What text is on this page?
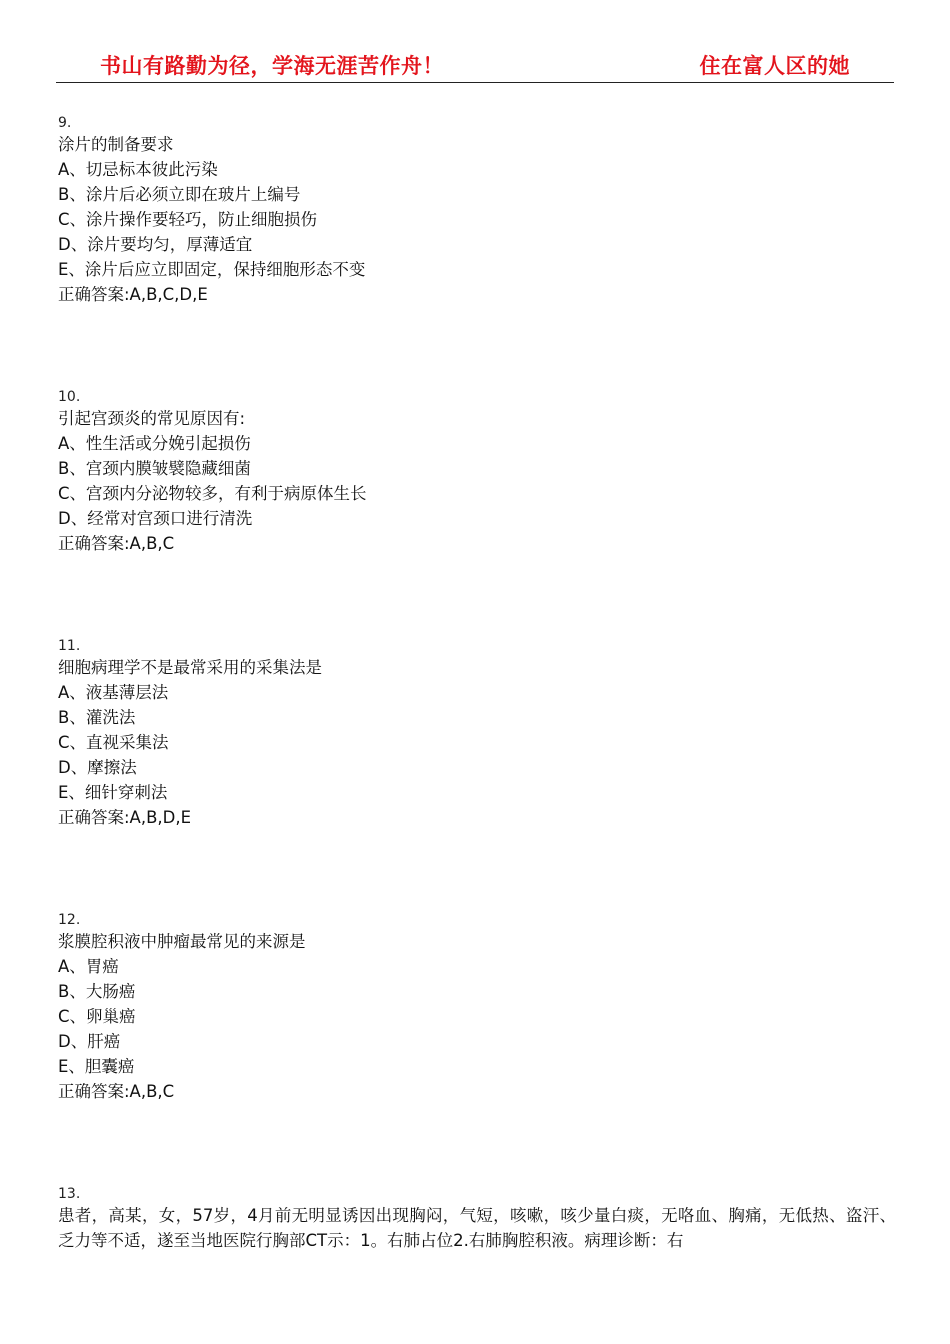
书山有路勤为径，学海无涯苦作舟！	住在富人区的她
9.
涂片的制备要求
A、切忌标本彼此污染
B、涂片后必须立即在玻片上编号
C、涂片操作要轻巧，防止细胞损伤
D、涂片要均匀，厚薄适宜
E、涂片后应立即固定，保持细胞形态不变
正确答案:A,B,C,D,E
10.
引起宫颈炎的常见原因有:
A、性生活或分娩引起损伤
B、宫颈内膜皱襞隐藏细菌
C、宫颈内分泌物较多，有利于病原体生长
D、经常对宫颈口进行清洗
正确答案:A,B,C
11.
细胞病理学不是最常采用的采集法是
A、液基薄层法
B、灌洗法
C、直视采集法
D、摩擦法
E、细针穿刺法
正确答案:A,B,D,E
12.
浆膜腔积液中肿瘤最常见的来源是
A、胃癌
B、大肠癌
C、卵巢癌
D、肝癌
E、胆囊癌
正确答案:A,B,C
13.
患者，高某，女，57岁，4月前无明显诱因出现胸闷，气短，咳嗽，咳少量白痰，无咯血、胸痛，无低热、盗汗、乏力等不适，遂至当地医院行胸部CT示：1。右肺占位2.右肺胸腔积液。病理诊断：右
